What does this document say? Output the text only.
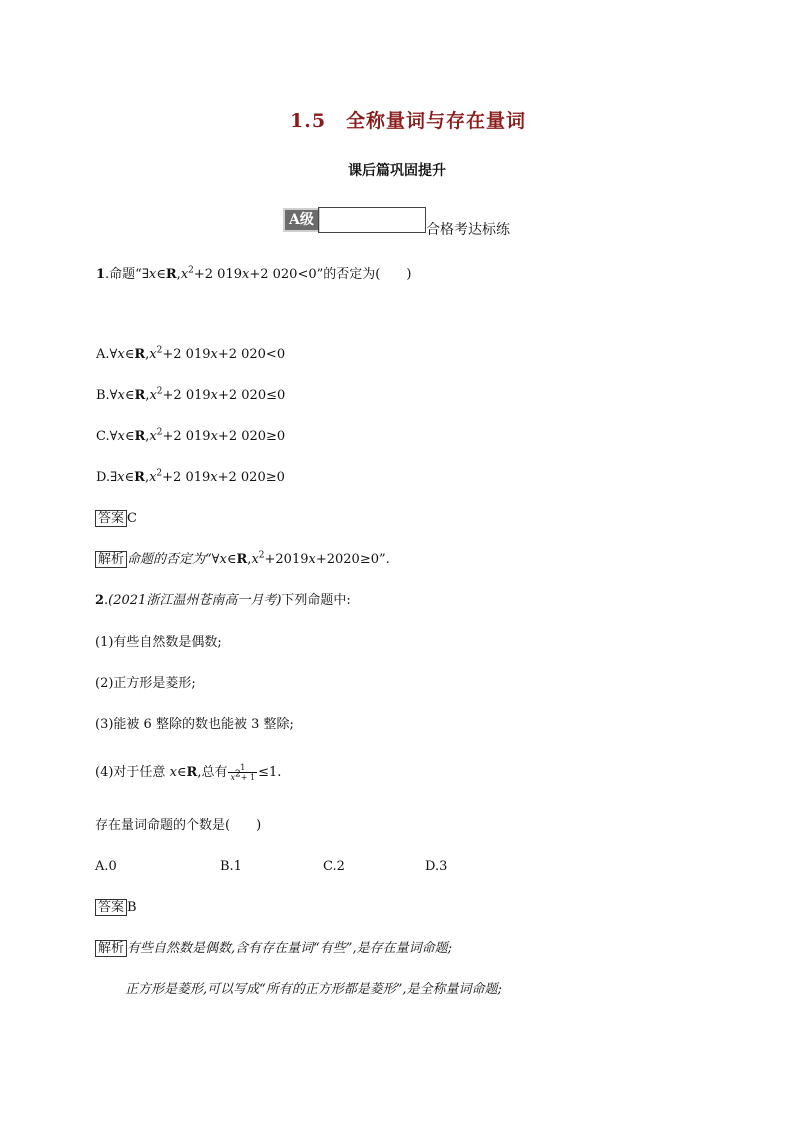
1.5　全称量词与存在量词
课后篇巩固提升
A级
合格考达标练
1.命题“$\exists x\in R,x^2+2$ 019x+2 020<0”的否定为(　　)
$A.\forall x\in R,x^2+2$ 019x+2 020<0
$B.\forall x\in R,x^2+2$ 019x+2 020≤0
$C.\forall x\in R,x^2+2$ 019x+2 020≥0
$D.\exists x\in R,x^2+2$ 019x+2 020≥0
答案 C
解析 命题的否定为“$\forall x\in R,x^2+2019x+2020\ge 0$”.
2.(2021浙江温州苍南高一月考)下列命题中:
(1)有些自然数是偶数;
(2)正方形是菱形;
(3)能被 6 整除的数也能被 3 整除;
(4)对于任意 x∈R,总有 $\frac{1}{x^2+ 1} \le 1$.
存在量词命题的个数是(　　)
A.0	B.1	C.2	D.3
答案 B
解析 有些自然数是偶数,含有存在量词“有些”,是存在量词命题;
正方形是菱形,可以写成“所有的正方形都是菱形”,是全称量词命题;
